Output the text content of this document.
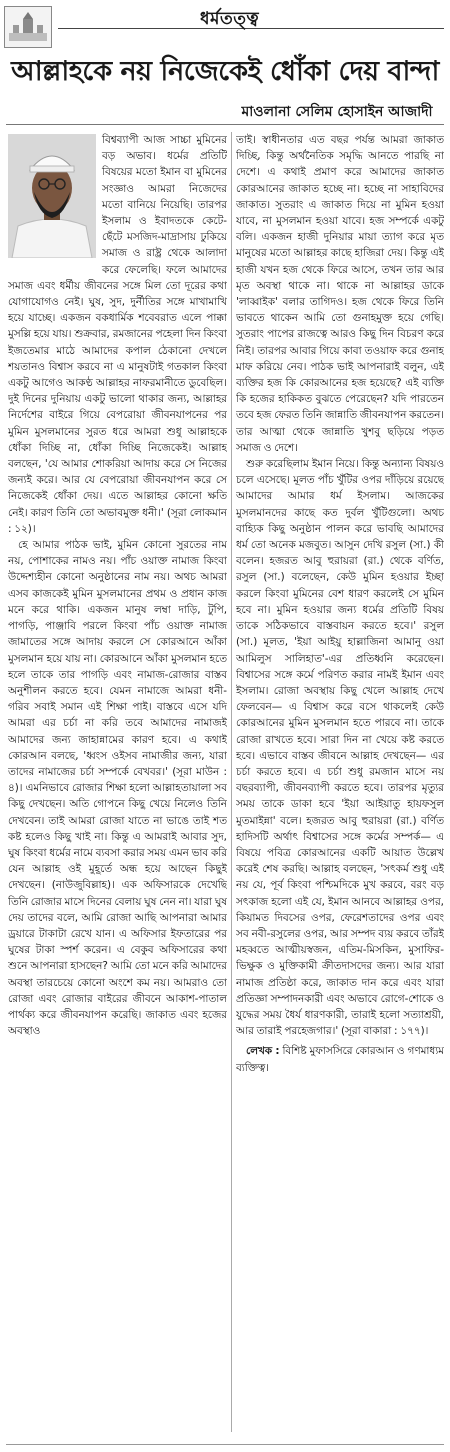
ধর্মতত্ত্ব
আল্লাহকে নয় নিজেকেই ধোঁকা দেয় বান্দা
মাওলানা সেলিম হোসাইন আজাদী

বিশ্বব্যাপী আজ সাচ্চা মুমিনের বড় অভাব। ধর্মের প্রতিটি বিষয়ের মতো ইমান বা মুমিনের সংজ্ঞাও আমরা নিজেদের মতো বানিয়ে নিয়েছি। তারপর ইসলাম ও ইবাদতকে কেটে-ছেঁটে মসজিদ-মাদ্রাসায় ঢুকিয়ে সমাজ ও রাষ্ট্র থেকে আলাদা করে ফেলেছি। ফলে আমাদের সমাজ এবং ধর্মীয় জীবনের সঙ্গে মিল তো দূরের কথা যোগাযোগও নেই। ঘুষ, সুদ, দুর্নীতির সঙ্গে মাখামাখি হয়ে যাচ্ছে। একজন বকধার্মিক শবেবরাত এলে পাক্কা মুসল্লি হয়ে যায়। শুক্রবার, রমজানের পহেলা দিন কিংবা ইজতেমার মাঠে আমাদের কপাল ঠেকানো দেখলে শয়তানও বিশ্বাস করবে না এ মানুষটাই গতকাল কিংবা একটু আগেও আকণ্ঠ আল্লাহর নাফরমানীতে ডুবেছিল। দুই দিনের দুনিয়ায় একটু ভালো থাকার জন্য, আল্লাহর নির্দেশের বাইরে গিয়ে বেপরোয়া জীবনযাপনের পর মুমিন মুসলমানের সুরত ধরে আমরা শুধু আল্লাহকে ধোঁকা দিচ্ছি না, ধোঁকা দিচ্ছি নিজেকেই। আল্লাহ বলছেন, 'যে আমার শোকরিয়া আদায় করে সে নিজের জন্যই করে। আর যে বেপরোয়া জীবনযাপন করে সে নিজেকেই ধোঁকা দেয়। এতে আল্লাহর কোনো ক্ষতি নেই। কারণ তিনি তো অভাবমুক্ত ধনী।' (সূরা লোকমান : ১২)।

হে আমার পাঠক ভাই, মুমিন কোনো সুরতের নাম নয়, পোশাকের নামও নয়। পাঁচ ওয়াক্ত নামাজ কিংবা উদ্দেশ্যহীন কোনো অনুষ্ঠানের নাম নয়। অথচ আমরা এসব কাজকেই মুমিন মুসলমানের প্রথম ও প্রধান কাজ মনে করে থাকি। একজন মানুষ লম্বা দাড়ি, টুপি, পাগড়ি, পাঞ্জাবি পরলে কিংবা পাঁচ ওয়াক্ত নামাজ জামাতের সঙ্গে আদায় করলে সে কোরআনে আঁকা মুসলমান হয়ে যায় না। কোরআনে আঁকা মুসলমান হতে হলে তাকে তার পাগড়ি এবং নামাজ-রোজার বাস্তব অনুশীলন করতে হবে। যেমন নামাজে আমরা ধনী-গরিব সবাই সমান এই শিক্ষা পাই। বাস্তবে এসে যদি আমরা এর চর্চা না করি তবে আমাদের নামাজই আমাদের জন্য জাহান্নামের কারণ হবে। এ কথাই কোরআন বলছে, 'ধ্বংস ওইসব নামাজীর জন্য, যারা তাদের নামাজের চর্চা সম্পর্কে বেখবর।' (সূরা মাউন : ৪)। এমনিভাবে রোজার শিক্ষা হলো আল্লাহতায়ালা সব কিছু দেখছেন। অতি গোপনে কিছু খেয়ে নিলেও তিনি দেখবেন। তাই আমরা রোজা যাতে না ভাঙে তাই শত কষ্ট হলেও কিছু খাই না। কিন্তু এ আমরাই আবার সুদ, ঘুষ কিংবা ধর্মের নামে ব্যবসা করার সময় এমন ভাব করি যেন আল্লাহ ওই মুহূর্তে অন্ধ হয়ে আছেন কিছুই দেখছেন। (নাউজুবিল্লাহ)। এক অফিসারকে দেখেছি তিনি রোজার মাসে দিনের বেলায় ঘুষ নেন না। যারা ঘুষ দেয় তাদের বলে, আমি রোজা আছি আপনারা আমার ড্রয়ারে টাকাটা রেখে যান। এ অফিসার ইফতারের পর ঘুষের টাকা স্পর্শ করেন। এ বেকুব অফিসারের কথা শুনে আপনারা হাসছেন? আমি তো মনে করি আমাদের অবস্থা তারচেয়ে কোনো অংশে কম নয়। আমরাও তো রোজা এবং রোজার বাইরের জীবনে আকাশ-পাতাল পার্থক্য করে জীবনযাপন করেছি। জাকাত এবং হজের অবস্থাও

তাই। স্বাধীনতার এত বছর পর্যন্ত আমরা জাকাত দিচ্ছি, কিন্তু অর্থনৈতিক সমৃদ্ধি আনতে পারছি না দেশে। এ কথাই প্রমাণ করে আমাদের জাকাত কোরআনের জাকাত হচ্ছে না। হচ্ছে না সাহাবিদের জাকাত। সুতরাং এ জাকাত দিয়ে না মুমিন হওয়া যাবে, না মুসলমান হওয়া যাবে। হজ সম্পর্কে একটু বলি। একজন হাজী দুনিয়ার মায়া ত্যাগ করে মৃত মানুষের মতো আল্লাহর কাছে হাজিরা দেয়। কিন্তু এই হাজী যখন হজ থেকে ফিরে আসে, তখন তার আর মৃত অবস্থা থাকে না। থাকে না আল্লাহর ডাকে 'লাব্বাইক' বলার তাগিদও। হজ থেকে ফিরে তিনি ভাবতে থাকেন আমি তো গুনাহমুক্ত হয়ে গেছি। সুতরাং পাপের রাজত্বে আরও কিছু দিন বিচরণ করে নিই। তারপর আবার গিয়ে কাবা তওয়াফ করে গুনাহ মাফ করিয়ে নেব। পাঠক ভাই আপনারাই বলুন, এই ব্যক্তির হজ কি কোরআনের হজ হয়েছে? এই ব্যক্তি কি হজের হাকিকত বুঝতে পেরেছেন? যদি পারতেন তবে হজ ফেরত তিনি জান্নাতি জীবনযাপন করতেন। তার আত্মা থেকে জান্নাতি খুশবু ছড়িয়ে পড়ত সমাজ ও দেশে।

শুরু করেছিলাম ইমান নিয়ে। কিন্তু অন্যান্য বিষয়ও চলে এসেছে। মূলত পাঁচ খুঁটির ওপর দাঁড়িয়ে রয়েছে আমাদের আমার ধর্ম ইসলাম। আজকের মুসলমানদের কাছে কত দুর্বল খুঁটিগুলো। অথচ বাহ্যিক কিছু অনুষ্ঠান পালন করে ভাবছি আমাদের ধর্ম তো অনেক মজবুত। আসুন দেখি রসুল (সা.) কী বলেন। হজরত আবু হুরায়রা (রা.) থেকে বর্ণিত, রসুল (সা.) বলেছেন, কেউ মুমিন হওয়ার ইচ্ছা করলে কিংবা মুমিনের বেশ ধারণ করলেই সে মুমিন হবে না। মুমিন হওয়ার জন্য ধর্মের প্রতিটি বিষয় তাকে সঠিকভাবে বাস্তবায়ন করতে হবে।' রসুল (সা.) মূলত, 'ইয়া আইয়ু হাল্লাজিনা আমানু ওয়া আমিলুস সালিহাত'-এর প্রতিধ্বনি করেছেন। বিশ্বাসের সঙ্গে কর্মে পরিণত করার নামই ইমান এবং ইসলাম। রোজা অবস্থায় কিছু খেলে আল্লাহ দেখে ফেলবেন— এ বিশ্বাস করে বসে থাকলেই কেউ কোরআনের মুমিন মুসলমান হতে পারবে না। তাকে রোজা রাখতে হবে। সারা দিন না খেয়ে কষ্ট করতে হবে। এভাবে বাস্তব জীবনে আল্লাহ দেখছেন— এর চর্চা করতে হবে। এ চর্চা শুধু রমজান মাসে নয় বছরব্যাপী, জীবনব্যাপী করতে হবে। তারপর মৃত্যুর সময় তাকে ডাকা হবে 'ইয়া আইয়াতু হায়ফসুল মুতমাইন্না' বলে। হজরত আবু হুরায়রা (রা.) বর্ণিত হাদিসটি অর্থাৎ বিশ্বাসের সঙ্গে কর্মের সম্পর্ক— এ বিষয়ে পবিত্র কোরআনের একটি আয়াত উল্লেখ করেই শেষ করছি। আল্লাহ বলছেন, 'সৎকর্ম শুধু এই নয় যে, পূর্ব কিংবা পশ্চিমদিকে মুখ করবে, বরং বড় সৎকাজ হলো এই যে, ইমান আনবে আল্লাহর ওপর, কিয়ামত দিবসের ওপর, ফেরেশতাদের ওপর এবং সব নবী-রসুলের ওপর, আর সম্পদ ব্যয় করবে তাঁরই মহব্বতে আত্মীয়স্বজন, এতিম-মিসকিন, মুসাফির-ভিক্ষুক ও মুক্তিকামী ক্রীতদাসদের জন্য। আর যারা নামাজ প্রতিষ্ঠা করে, জাকাত দান করে এবং যারা প্রতিজ্ঞা সম্পাদনকারী এবং অভাবে রোগে-শোকে ও যুদ্ধের সময় ধৈর্য ধারণকারী, তারাই হলো সত্যাশ্রয়ী, আর তারাই পরহেজগার।' (সূরা বাকারা : ১৭৭)।

লেখক : বিশিষ্ট মুফাসসিরে কোরআন ও গণমাধ্যম ব্যক্তিত্ব।
